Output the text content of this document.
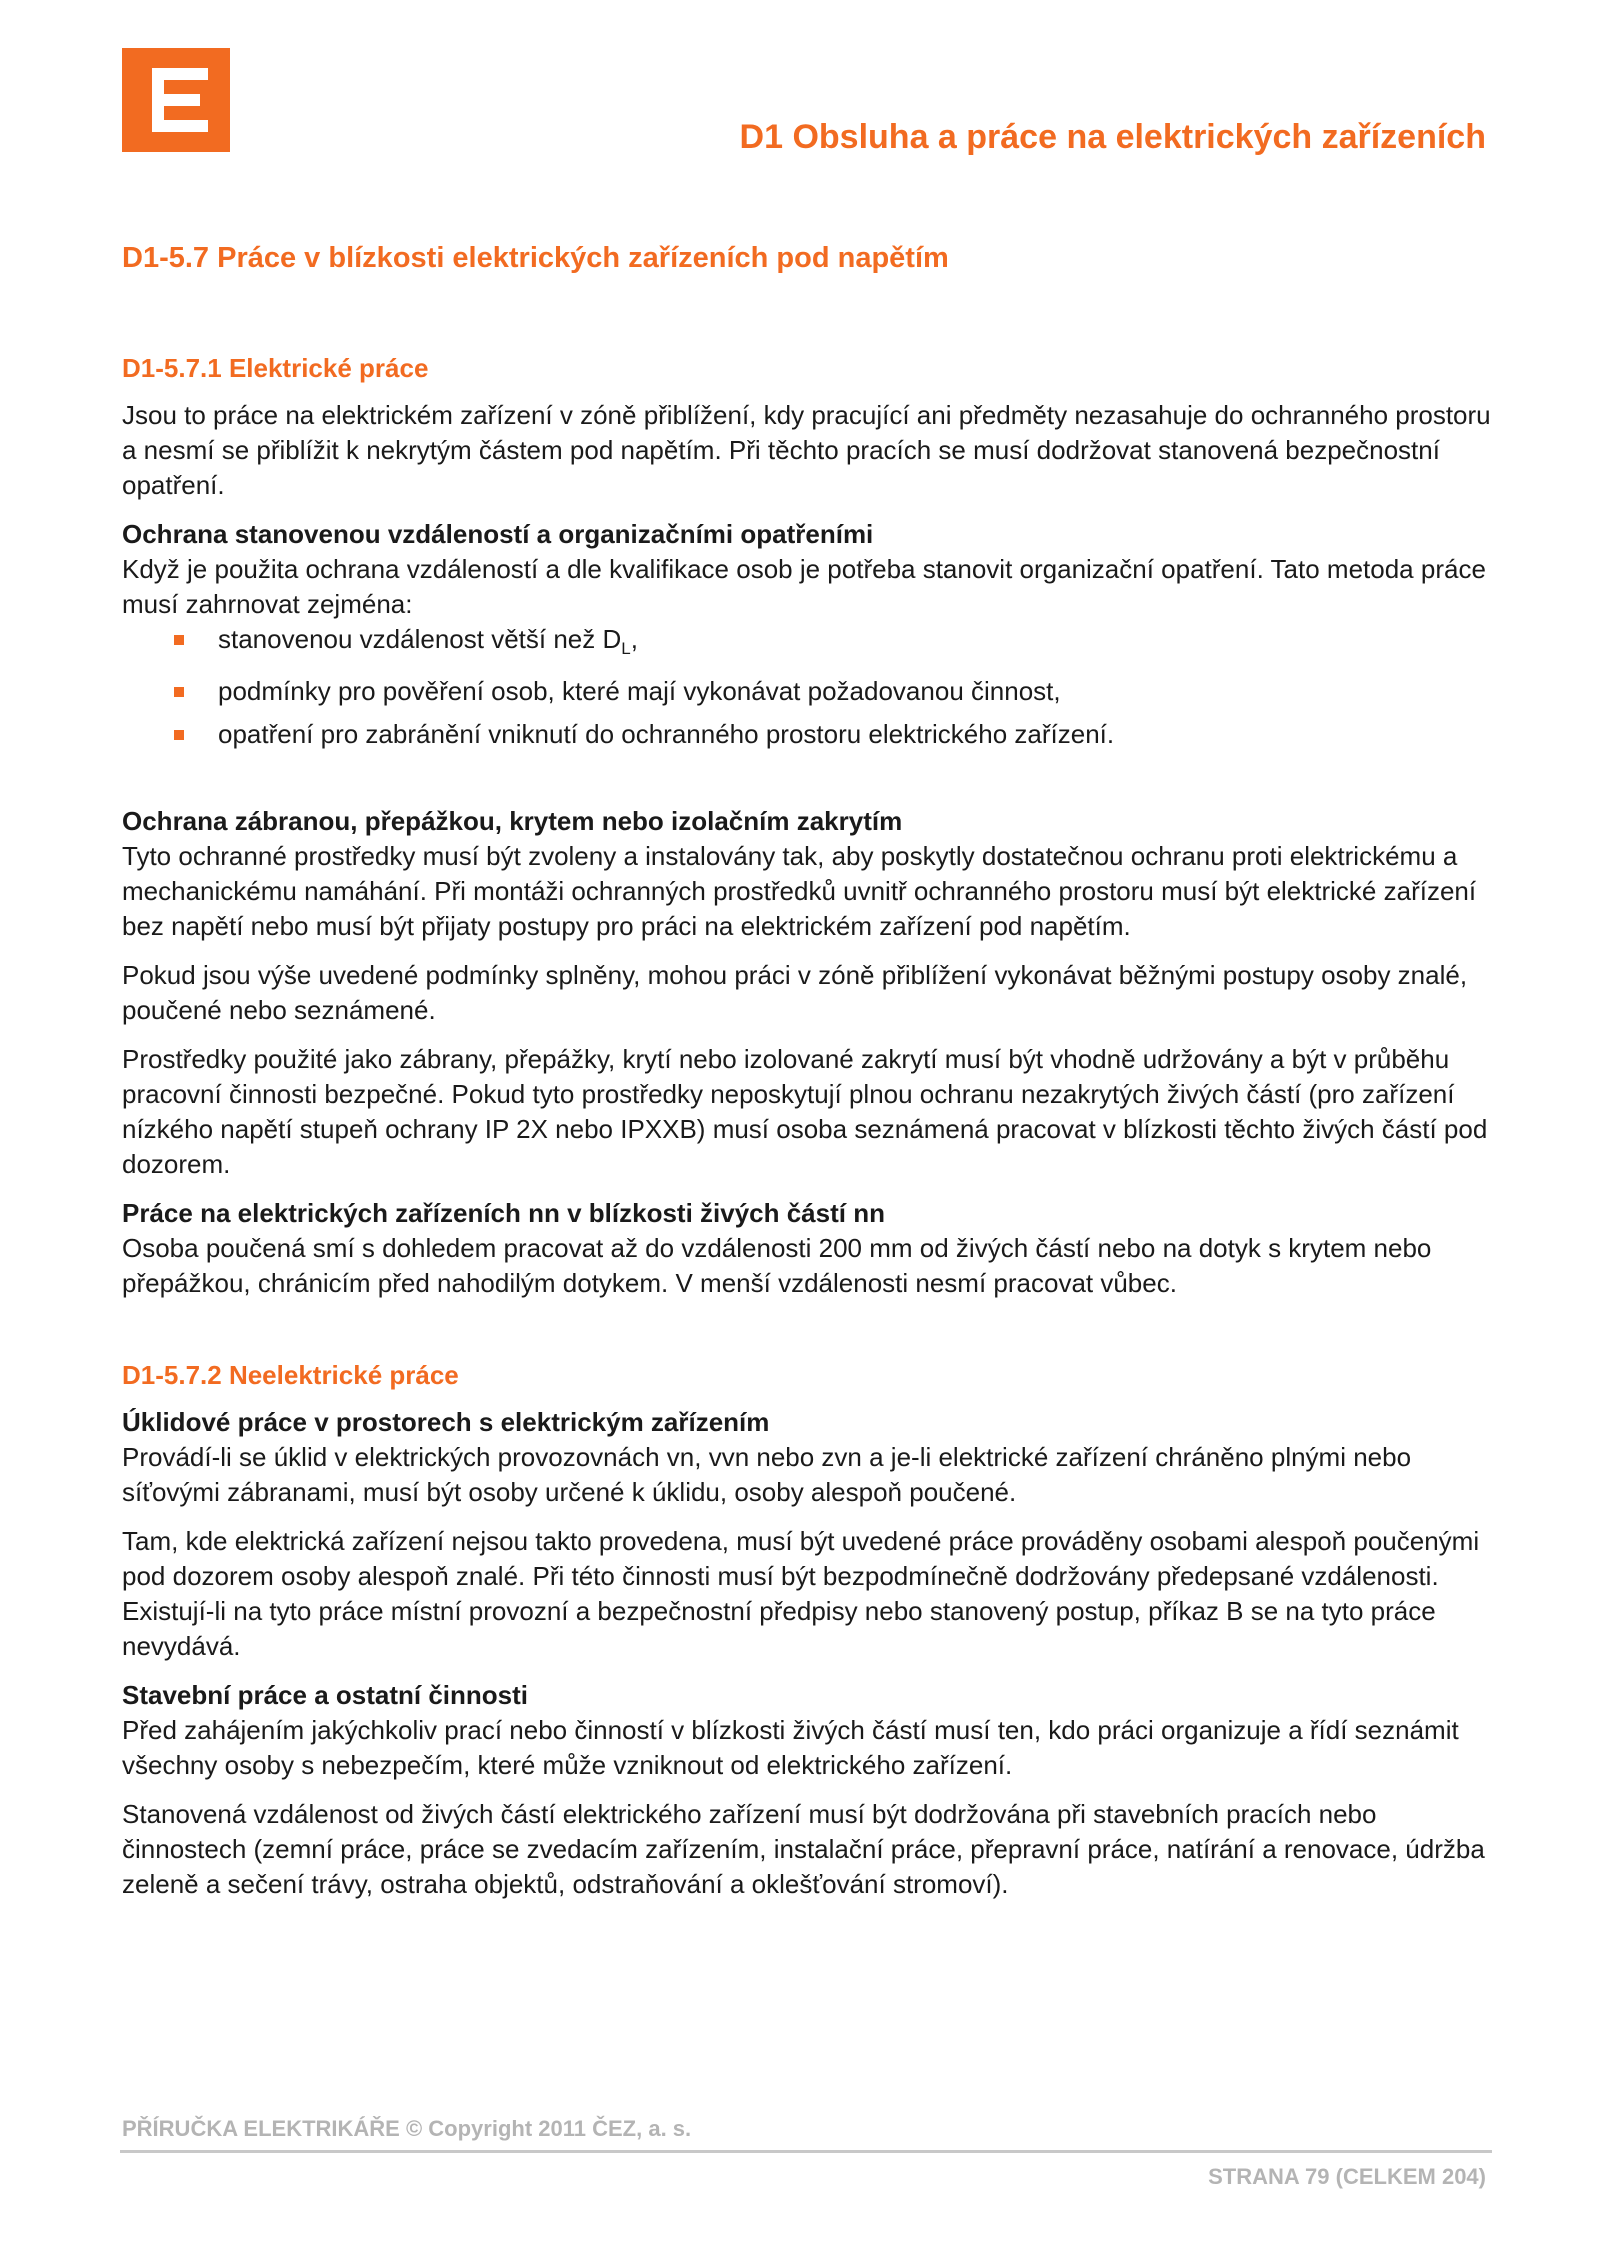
D1 Obsluha a práce na elektrických zařízeních
D1-5.7 Práce v blízkosti elektrických zařízeních pod napětím
D1-5.7.1 Elektrické práce

Jsou to práce na elektrickém zařízení v zóně přiblížení, kdy pracující ani předměty nezasahuje do ochranného prostoru a nesmí se přiblížit k nekrytým částem pod napětím. Při těchto pracích se musí dodržovat stanovená bezpečnostní opatření.

Ochrana stanovenou vzdáleností a organizačními opatřeními
Když je použita ochrana vzdáleností a dle kvalifikace osob je potřeba stanovit organizační opatření. Tato metoda práce musí zahrnovat zejména:
stanovenou vzdálenost větší než $D_L$,
podmínky pro pověření osob, které mají vykonávat požadovanou činnost,
opatření pro zabránění vniknutí do ochranného prostoru elektrického zařízení.
Ochrana zábranou, přepážkou, krytem nebo izolačním zakrytím
Tyto ochranné prostředky musí být zvoleny a instalovány tak, aby poskytly dostatečnou ochranu proti elektrickému a mechanickému namáhání. Při montáži ochranných prostředků uvnitř ochranného prostoru musí být elektrické zařízení bez napětí nebo musí být přijaty postupy pro práci na elektrickém zařízení pod napětím.

Pokud jsou výše uvedené podmínky splněny, mohou práci v zóně přiblížení vykonávat běžnými postupy osoby znalé, poučené nebo seznámené.

Prostředky použité jako zábrany, přepážky, krytí nebo izolované zakrytí musí být vhodně udržovány a být v průběhu pracovní činnosti bezpečné. Pokud tyto prostředky neposkytují plnou ochranu nezakrytých živých částí (pro zařízení nízkého napětí stupeň ochrany IP 2X nebo IPXXB) musí osoba seznámená pracovat v blízkosti těchto živých částí pod dozorem.

Práce na elektrických zařízeních nn v blízkosti živých částí nn
Osoba poučená smí s dohledem pracovat až do vzdálenosti 200 mm od živých částí nebo na dotyk s krytem nebo přepážkou, chránicím před nahodilým dotykem. V menší vzdálenosti nesmí pracovat vůbec.
D1-5.7.2 Neelektrické práce
Úklidové práce v prostorech s elektrickým zařízením
Provádí-li se úklid v elektrických provozovnách vn, vvn nebo zvn a je-li elektrické zařízení chráněno plnými nebo síťovými zábranami, musí být osoby určené k úklidu, osoby alespoň poučené.

Tam, kde elektrická zařízení nejsou takto provedena, musí být uvedené práce prováděny osobami alespoň poučenými pod dozorem osoby alespoň znalé. Při této činnosti musí být bezpodmínečně dodržovány předepsané vzdálenosti. Existují-li na tyto práce místní provozní a bezpečnostní předpisy nebo stanovený postup, příkaz B se na tyto práce nevydává.

Stavební práce a ostatní činnosti
Před zahájením jakýchkoliv prací nebo činností v blízkosti živých částí musí ten, kdo práci organizuje a řídí seznámit všechny osoby s nebezpečím, které může vzniknout od elektrického zařízení.

Stanovená vzdálenost od živých částí elektrického zařízení musí být dodržována při stavebních pracích nebo činnostech (zemní práce, práce se zvedacím zařízením, instalační práce, přepravní práce, natírání a renovace, údržba zeleně a sečení trávy, ostraha objektů, odstraňování a oklešťování stromoví).

PŘÍRUČKA ELEKTRIKÁŘE © Copyright 2011 ČEZ, a. s.
STRANA 79 (CELKEM 204)
